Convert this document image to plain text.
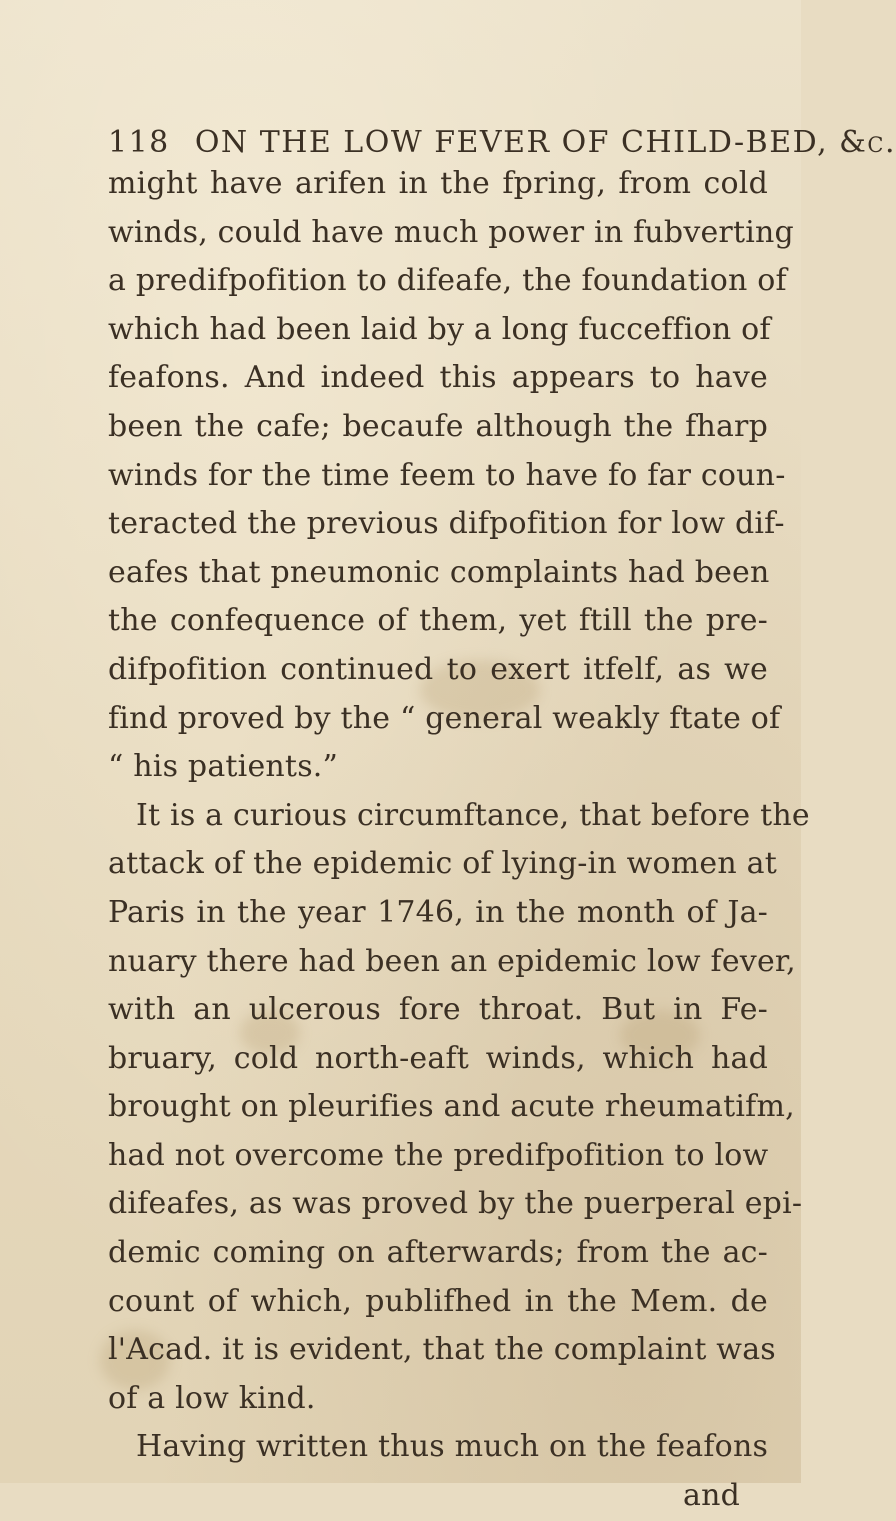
118 ON THE LOW FEVER OF CHILD-BED, &c.
might have arifen in the fpring, from cold
winds, could have much power in fubverting
a predifpofition to difeafe, the foundation of
which had been laid by a long fucceffion of
feafons. And indeed this appears to have
been the cafe; becaufe although the fharp
winds for the time feem to have fo far coun-
teracted the previous difpofition for low dif-
eafes that pneumonic complaints had been
the confequence of them, yet ftill the pre-
difpofition continued to exert itfelf, as we
find proved by the “ general weakly ftate of
“ his patients.”
It is a curious circumftance, that before the
attack of the epidemic of lying-in women at
Paris in the year 1746, in the month of Ja-
nuary there had been an epidemic low fever,
with an ulcerous fore throat. But in Fe-
bruary, cold north-eaft winds, which had
brought on pleurifies and acute rheumatifm,
had not overcome the predifpofition to low
difeafes, as was proved by the puerperal epi-
demic coming on afterwards; from the ac-
count of which, publifhed in the Mem. de
l'Acad. it is evident, that the complaint was
of a low kind.
Having written thus much on the feafons
and
